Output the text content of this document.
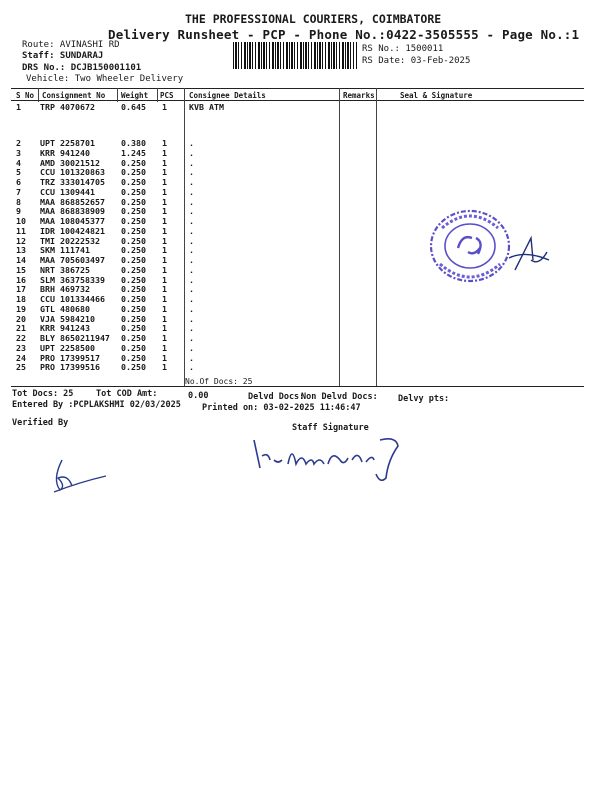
THE PROFESSIONAL COURIERS, COIMBATORE
Delivery Runsheet - PCP - Phone No.:0422-3505555 - Page No.:1
Route: AVINASHI RD
Staff: SUNDARAJ
DRS No.: DCJB150001101
Vehicle: Two Wheeler Delivery
RS No.: 1500011
RS Date: 03-Feb-2025
S No Consignment No Weight PCS Consignee Details	Remarks	Seal & Signature
1 TRP 4070672	0.645 1	KVB ATM
2 UPT 2258701	0.380 1	.
3 KRR 941240	1.245 1	.
4 AMD 30021512	0.250 1	.
5 CCU 101320863 0.250 1	.
6 TRZ 333014705 0.250 1	.
7 CCU 1309441	0.250 1	.
8 MAA 868852657 0.250 1	.
9 MAA 868838909 0.250 1	.
10 MAA 108045377 0.250 1	.
11 IDR 100424821 0.250 1	.
12 TMI 20222532	0.250 1	.
13 SKM 111741	0.250 1	.
14 MAA 705603497 0.250 1	.
15 NRT 386725	0.250 1	.
16 SLM 363758339 0.250 1	.
17 BRH 469732	0.250 1	.
18 CCU 101334466 0.250 1	.
19 GTL 480680	0.250 1	.
20 VJA 5984210	0.250 1	.
21 KRR 941243	0.250 1	.
22 BLY 8650211947 0.250 1	.
23 UPT 2258500	0.250 1	.
24 PRO 17399517	0.250 1	.
25 PRO 17399516	0.250 1	.
No.Of Docs: 25
Tot Docs: 25	Tot COD Amt:	0.00	Delvd Docs:
Non Delvd Docs: Delvy pts:
Entered By :PCPLAKSHMI 02/03/2025 Printed on: 03-02-2025 11:46:47
Verified By	Staff Signature
